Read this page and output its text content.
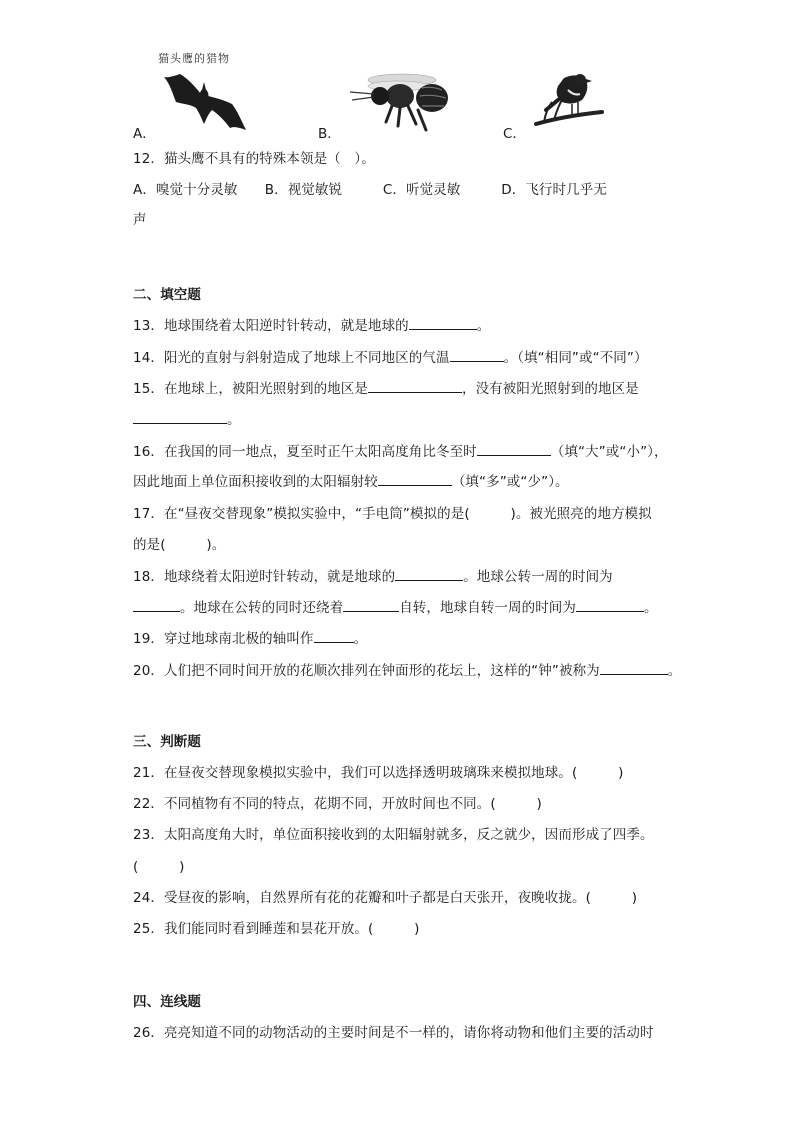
猫头鹰的猎物
A．	B．	C．
12．猫头鹰不具有的特殊本领是（　）。
A．嗅觉十分灵敏　　B．视觉敏锐　　　C．听觉灵敏　　　D．飞行时几乎无
声
二、填空题
13．地球围绕着太阳逆时针转动，就是地球的	。
14．阳光的直射与斜射造成了地球上不同地区的气温	。（填“相同”或“不同”）
15．在地球上，被阳光照射到的地区是	，没有被阳光照射到的地区是
。
16．在我国的同一地点，夏至时正午太阳高度角比冬至时	（填“大”或“小”），
因此地面上单位面积接收到的太阳辐射较	（填“多”或“少”）。
17．在“昼夜交替现象”模拟实验中，“手电筒”模拟的是(　　　)。被光照亮的地方模拟
的是(　　　)。
18．地球绕着太阳逆时针转动，就是地球的	。地球公转一周的时间为
。地球在公转的同时还绕着	自转，地球自转一周的时间为	。
19．穿过地球南北极的轴叫作	。
20．人们把不同时间开放的花顺次排列在钟面形的花坛上，这样的“钟”被称为	。
三、判断题
21．在昼夜交替现象模拟实验中，我们可以选择透明玻璃珠来模拟地球。(　　　)
22．不同植物有不同的特点，花期不同，开放时间也不同。(　　　)
23．太阳高度角大时，单位面积接收到的太阳辐射就多，反之就少，因而形成了四季。
(　　　)
24．受昼夜的影响，自然界所有花的花瓣和叶子都是白天张开，夜晚收拢。(　　　)
25．我们能同时看到睡莲和昙花开放。(　　　)
四、连线题
26．亮亮知道不同的动物活动的主要时间是不一样的，请你将动物和他们主要的活动时
